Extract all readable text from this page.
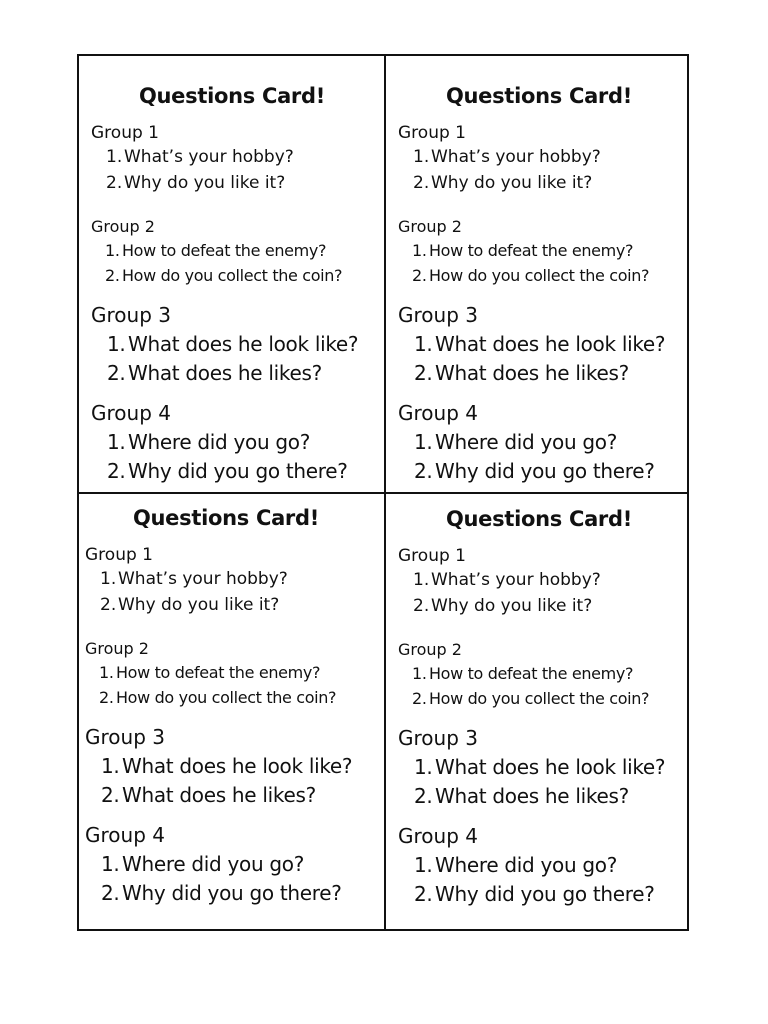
Questions Card!
Group 1
1. What’s your hobby?
2. Why do you like it?
Group 2
1. How to defeat the enemy?
2. How do you collect the coin?
Group 3
1. What does he look like?
2. What does he likes?
Group 4
1. Where did you go?
2. Why did you go there?
Questions Card!
Group 1
1. What’s your hobby?
2. Why do you like it?
Group 2
1. How to defeat the enemy?
2. How do you collect the coin?
Group 3
1. What does he look like?
2. What does he likes?
Group 4
1. Where did you go?
2. Why did you go there?
Questions Card!
Group 1
1. What’s your hobby?
2. Why do you like it?
Group 2
1. How to defeat the enemy?
2. How do you collect the coin?
Group 3
1. What does he look like?
2. What does he likes?
Group 4
1. Where did you go?
2. Why did you go there?
Questions Card!
Group 1
1. What’s your hobby?
2. Why do you like it?
Group 2
1. How to defeat the enemy?
2. How do you collect the coin?
Group 3
1. What does he look like?
2. What does he likes?
Group 4
1. Where did you go?
2. Why did you go there?
